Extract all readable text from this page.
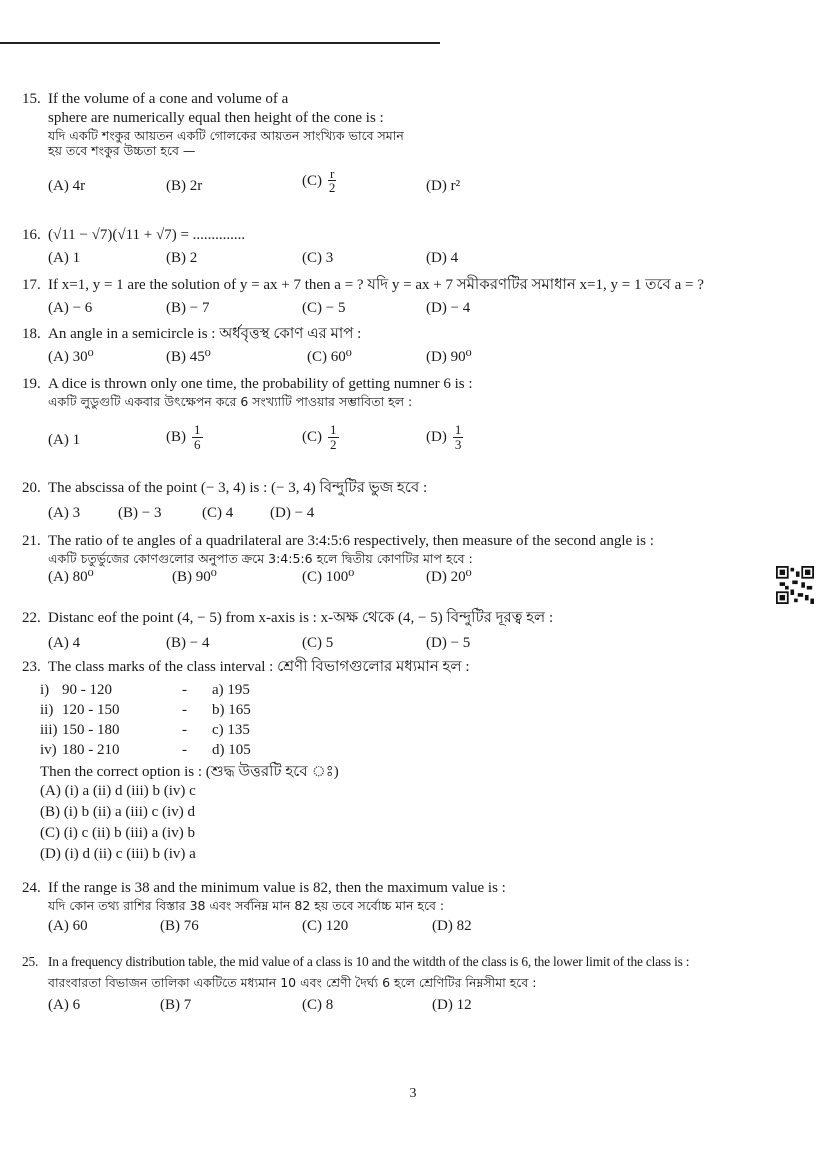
15. If the volume of a cone and volume of a
sphere are numerically equal then height of the cone is :
যদি একটি শংকুর আয়তন একটি গোলকের আয়তন সাংখ্যিক ভাবে সমান
হয় তবে শংকুর উচ্চতা হবে —
(A) 4r	(B) 2r	$(C) \frac{r}{2}$	(D) r²
16. (√11 − √7)(√11 + √7) = ..............
(A) 1	(B) 2	(C) 3	(D) 4
17. If x=1, y = 1 are the solution of y = ax + 7 then a = ? যদি y = ax + 7 সমীকরণটির সমাধান x=1, y = 1 তবে a = ?
(A) − 6	(B) − 7	(C) − 5	(D) − 4
18. An angle in a semicircle is : অর্ধবৃত্তস্থ কোণ এর মাপ :
(A) 30⁰	(B) 45⁰	(C) 60⁰	(D) 90⁰
19. A dice is thrown only one time, the probability of getting numner 6 is :
একটি লুডুগুটি একবার উৎক্ষেপন করে 6 সংখ্যাটি পাওয়ার সম্ভাবিতা হল :
(A) 1	$(B) \frac{1}{6}$	$(C) \frac{1}{2}$	$(D) \frac{1}{3}$
20. The abscissa of the point (− 3, 4) is : (− 3, 4) বিন্দুটির ভুজ হবে :
(A) 3	(B) − 3	(C) 4 (D) − 4
21. The ratio of te angles of a quadrilateral are 3:4:5:6 respectively, then measure of the second angle is :
একটি চতুর্ভুজের কোণগুলোর অনুপাত ক্রমে 3:4:5:6 হলে দ্বিতীয় কোণটির মাপ হবে :
(A) 80⁰	(B) 90⁰	(C) 100⁰	(D) 20⁰
22. Distanc eof the point (4, − 5) from x-axis is : x-অক্ষ থেকে (4, − 5) বিন্দুটির দূরত্ব হল :
(A) 4	(B) − 4	(C) 5	(D) − 5
23. The class marks of the class interval : শ্রেণী বিভাগগুলোর মধ্যমান হল :
i) 90 - 120	-	a) 195
ii) 120 - 150	-	b) 165
iii) 150 - 180	-	c) 135
iv) 180 - 210	-	d) 105
Then the correct option is : (শুদ্ধ উত্তরটি হবে ঃ)
(A) (i) a (ii) d (iii) b (iv) c
(B) (i) b (ii) a (iii) c (iv) d
(C) (i) c (ii) b (iii) a (iv) b
(D) (i) d (ii) c (iii) b (iv) a
24. If the range is 38 and the minimum value is 82, then the maximum value is :
যদি কোন তথ্য রাশির বিস্তার 38 এবং সর্বনিম্ন মান 82 হয় তবে সর্বোচ্চ মান হবে :
(A) 60	(B) 76	(C) 120	(D) 82
25. In a frequency distribution table, the mid value of a class is 10 and the witdth of the class is 6, the lower limit of the class is :
বারংবারতা বিভাজন তালিকা একটিতে মধ্যমান 10 এবং শ্রেণী দৈর্ঘ্য 6 হলে শ্রেণিটির নিম্নসীমা হবে :
(A) 6	(B) 7	(C) 8	(D) 12
3
